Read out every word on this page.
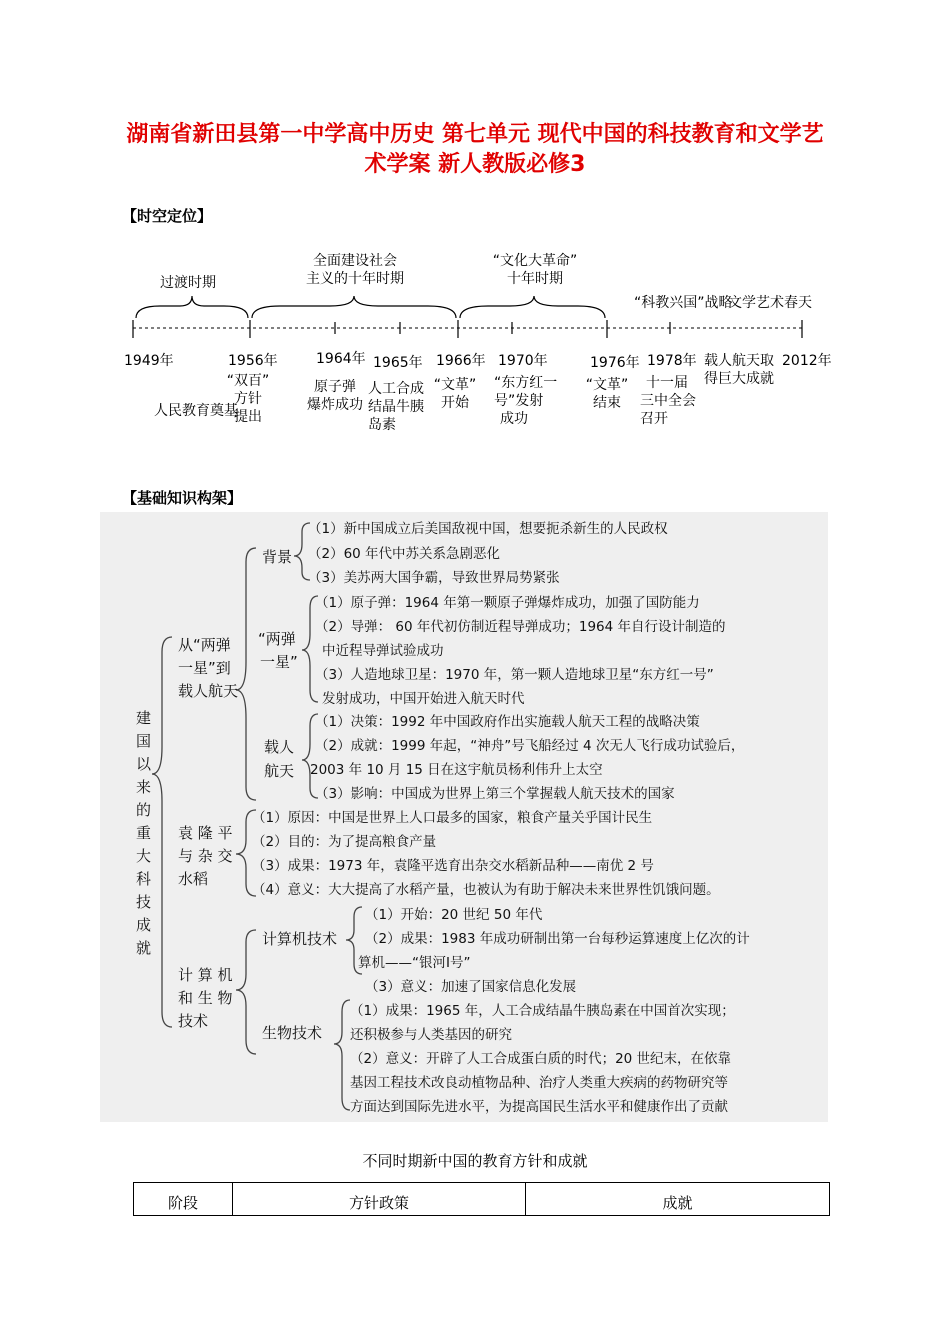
湖南省新田县第一中学高中历史 第七单元 现代中国的科技教育和文学艺
术学案 新人教版必修3
【时空定位】
过渡时期
全面建设社会
主义的十年时期
“文化大革命”
十年时期
“科教兴国”战略
文学艺术春天
1949年	1956年	1964年 1965年 1966年 1970年	1976年 1978年	2012年
人民教育奠基
“双百”
方针
提出
原子弹
爆炸成功
人工合成
结晶牛胰
岛素
“文革”
开始
“东方红一
号”发射
成功
“文革”
结束
十一届
三中全会
召开
载人航天取
得巨大成就
【基础知识构架】
建国以来的重大科技成就
从“两弹一星”到载人航天
背景
（1）新中国成立后美国敌视中国，想要扼杀新生的人民政权
（2）60 年代中苏关系急剧恶化
（3）美苏两大国争霸，导致世界局势紧张
“两弹
一星”
（1）原子弹：1964 年第一颗原子弹爆炸成功，加强了国防能力
（2）导弹： 60 年代初仿制近程导弹成功；1964 年自行设计制造的
中近程导弹试验成功
（3）人造地球卫星：1970 年，第一颗人造地球卫星“东方红一号”
发射成功，中国开始进入航天时代
载人
航天
（1）决策：1992 年中国政府作出实施载人航天工程的战略决策
（2）成就：1999 年起，“神舟”号飞船经过 4 次无人飞行成功试验后，
2003 年 10 月 15 日在这宇航员杨利伟升上太空
（3）影响：中国成为世界上第三个掌握载人航天技术的国家
袁 隆 平
与 杂 交
水稻
（1）原因：中国是世界上人口最多的国家，粮食产量关乎国计民生
（2）目的：为了提高粮食产量
（3）成果：1973 年，袁隆平选育出杂交水稻新品种——南优 2 号
（4）意义：大大提高了水稻产量，也被认为有助于解决未来世界性饥饿问题。
计 算 机
和 生 物
技术
计算机技术
（1）开始：20 世纪 50 年代
（2）成果：1983 年成功研制出第一台每秒运算速度上亿次的计
算机——“银河Ⅰ号”
（3）意义：加速了国家信息化发展
生物技术
（1）成果：1965 年，人工合成结晶牛胰岛素在中国首次实现；
还积极参与人类基因的研究
（2）意义：开辟了人工合成蛋白质的时代；20 世纪末，在依靠
基因工程技术改良动植物品种、治疗人类重大疾病的药物研究等
方面达到国际先进水平，为提高国民生活水平和健康作出了贡献
不同时期新中国的教育方针和成就
阶段	方针政策	成就
